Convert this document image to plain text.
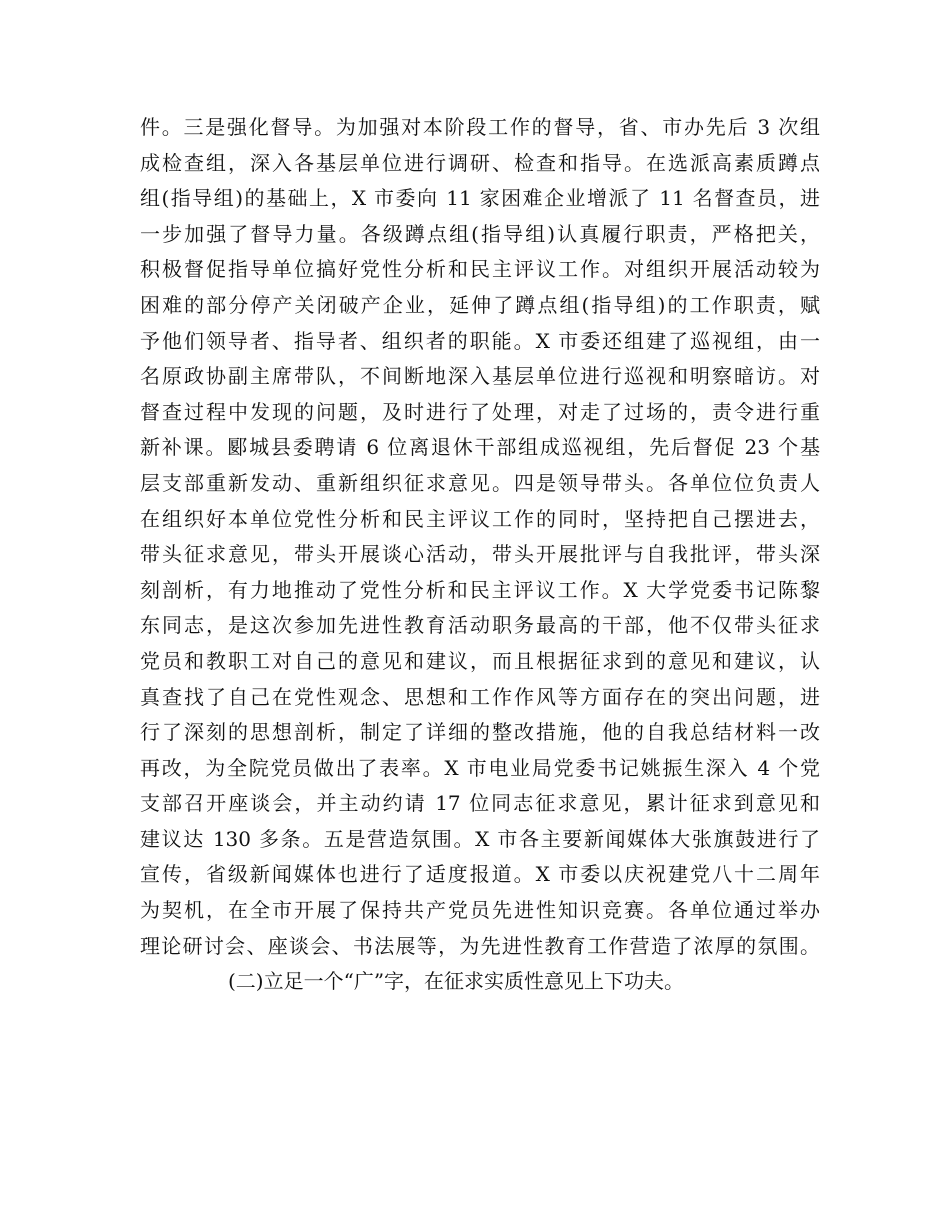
件。三是强化督导。为加强对本阶段工作的督导，省、市办先后 3 次组
成检查组，深入各基层单位进行调研、检查和指导。在选派高素质蹲点
组(指导组)的基础上，X 市委向 11 家困难企业增派了 11 名督查员，进
一步加强了督导力量。各级蹲点组(指导组)认真履行职责，严格把关，
积极督促指导单位搞好党性分析和民主评议工作。对组织开展活动较为
困难的部分停产关闭破产企业，延伸了蹲点组(指导组)的工作职责，赋
予他们领导者、指导者、组织者的职能。X 市委还组建了巡视组，由一
名原政协副主席带队，不间断地深入基层单位进行巡视和明察暗访。对
督查过程中发现的问题，及时进行了处理，对走了过场的，责令进行重
新补课。郾城县委聘请 6 位离退休干部组成巡视组，先后督促 23 个基
层支部重新发动、重新组织征求意见。四是领导带头。各单位位负责人
在组织好本单位党性分析和民主评议工作的同时，坚持把自己摆进去，
带头征求意见，带头开展谈心活动，带头开展批评与自我批评，带头深
刻剖析，有力地推动了党性分析和民主评议工作。X 大学党委书记陈黎
东同志，是这次参加先进性教育活动职务最高的干部，他不仅带头征求
党员和教职工对自己的意见和建议，而且根据征求到的意见和建议，认
真查找了自己在党性观念、思想和工作作风等方面存在的突出问题，进
行了深刻的思想剖析，制定了详细的整改措施，他的自我总结材料一改
再改，为全院党员做出了表率。X 市电业局党委书记姚振生深入 4 个党
支部召开座谈会，并主动约请 17 位同志征求意见，累计征求到意见和
建议达 130 多条。五是营造氛围。X 市各主要新闻媒体大张旗鼓进行了
宣传，省级新闻媒体也进行了适度报道。X 市委以庆祝建党八十二周年
为契机，在全市开展了保持共产党员先进性知识竞赛。各单位通过举办
理论研讨会、座谈会、书法展等，为先进性教育工作营造了浓厚的氛围。
(二)立足一个“广”字，在征求实质性意见上下功夫。
